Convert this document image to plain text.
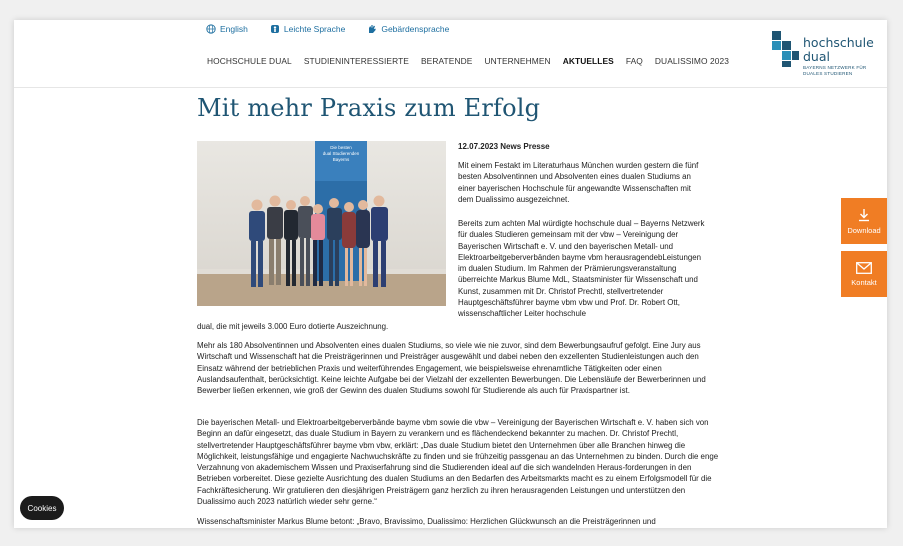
English	Leichte Sprache	Gebärdensprache
HOCHSCHULE DUAL STUDIENINTERESSIERTE BERATENDE UNTERNEHMEN AKTUELLES FAQ DUALISSIMO 2023
hochschule
dual
BAYERNS NETZWERK FÜR
DUALES STUDIEREN
Mit mehr Praxis zum Erfolg
Die besten
dual Studierenden
Bayerns
12.07.2023 News Presse

Mit einem Festakt im Literaturhaus München wurden gestern die fünf besten Absolventinnen und Absolventen eines dualen Studiums an einer bayerischen Hochschule für angewandte Wissenschaften mit dem Dualissimo ausgezeichnet.

Bereits zum achten Mal würdigte hochschule dual – Bayerns Netzwerk für duales Studieren gemeinsam mit der vbw – Vereinigung der Bayerischen Wirtschaft e. V. und den bayerischen Metall- und Elektroarbeitgeberverbänden bayme vbm herausragendebLeistungen im dualen Studium. Im Rahmen der Prämierungsveranstaltung überreichte Markus Blume MdL, Staatsminister für Wissenschaft und Kunst, zusammen mit Dr. Christof Prechtl, stellvertretender Hauptgeschäftsführer bayme vbm vbw und Prof. Dr. Robert Ott, wissenschaftlicher Leiter hochschule

dual, die mit jeweils 3.000 Euro dotierte Auszeichnung.

Mehr als 180 Absolventinnen und Absolventen eines dualen Studiums, so viele wie nie zuvor, sind dem Bewerbungsaufruf gefolgt. Eine Jury aus Wirtschaft und Wissenschaft hat die Preisträgerinnen und Preisträger ausgewählt und dabei neben den exzellenten Studienleistungen auch den Einsatz während der betrieblichen Praxis und weiterführendes Engagement, wie beispielsweise ehrenamtliche Tätigkeiten oder einen Auslandsaufenthalt, berücksichtigt. Keine leichte Aufgabe bei der Vielzahl der exzellenten Bewerbungen. Die Lebensläufe der Bewerberinnen und Bewerber ließen erkennen, wie groß der Gewinn des dualen Studiums sowohl für Studierende als auch für Praxispartner ist.

Die bayerischen Metall- und Elektroarbeitgeberverbände bayme vbm sowie die vbw – Vereinigung der Bayerischen Wirtschaft e. V. haben sich von Beginn an dafür eingesetzt, das duale Studium in Bayern zu verankern und es flächendeckend bekannter zu machen. Dr. Christof Prechtl, stellvertretender Hauptgeschäftsführer bayme vbm vbw, erklärt: „Das duale Studium bietet den Unternehmen über alle Branchen hinweg die Möglichkeit, leistungsfähige und engagierte Nachwuchskräfte zu finden und sie frühzeitig passgenau an das Unternehmen zu binden. Durch die enge Verzahnung von akademischem Wissen und Praxiserfahrung sind die Studierenden ideal auf die sich wandelnden Heraus-forderungen in den Betrieben vorbereitet. Diese gezielte Ausrichtung des dualen Studiums an den Bedarfen des Arbeitsmarkts macht es zu einem Erfolgsmodell für die Fachkräftesicherung. Wir gratulieren den diesjährigen Preisträgern ganz herzlich zu ihren herausragenden Leistungen und unterstützen den Dualissimo auch 2023 natürlich wieder sehr gerne.“

Wissenschaftsminister Markus Blume betont: „Bravo, Bravissimo, Dualissimo: Herzlichen Glückwunsch an die Preisträgerinnen und

Download
Kontakt
Cookies
